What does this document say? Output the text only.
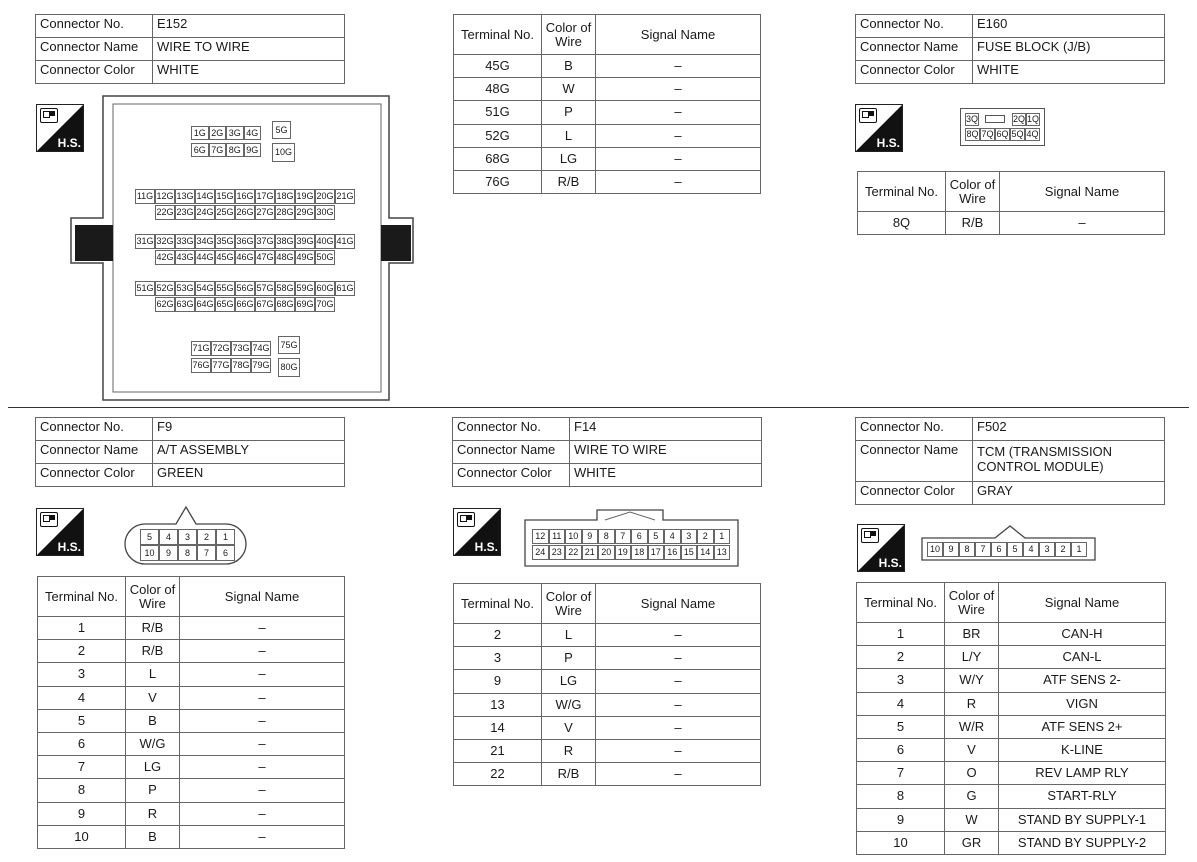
Connector No.	E152
Connector Name	WIRE TO WIRE
Connector Color	WHITE
H.S.
1G 2G 3G 4G
6G 7G 8G 9G
5G
10G
11G 12G 13G 14G 15G 16G 17G 18G 19G 20G 21G
22G 23G 24G 25G 26G 27G 28G 29G 30G
31G 32G 33G 34G 35G 36G 37G 38G 39G 40G 41G
42G 43G 44G 45G 46G 47G 48G 49G 50G
51G 52G 53G 54G 55G 56G 57G 58G 59G 60G 61G
62G 63G 64G 65G 66G 67G 68G 69G 70G
71G 72G 73G 74G
76G 77G 78G 79G
75G
80G
Terminal No.	Color of Wire	Signal Name
45G	B	–
48G	W	–
51G	P	–
52G	L	–
68G	LG	–
76G	R/B	–
Connector No.	E160
Connector Name	FUSE BLOCK (J/B)
Connector Color	WHITE
H.S.
3Q	2Q 1Q
8Q 7Q 6Q 5Q 4Q
Terminal No.	Color of Wire	Signal Name
8Q	R/B	–
Connector No.	F9
Connector Name	A/T ASSEMBLY
Connector Color	GREEN
H.S.
5	4	3	2	1
10	9	8	7	6
Terminal No.	Color of Wire	Signal Name
1	R/B	–
2	R/B	–
3	L	–
4	V	–
5	B	–
6	W/G	–
7	LG	–
8	P	–
9	R	–
10	B	–
Connector No.	F14
Connector Name	WIRE TO WIRE
Connector Color	WHITE
H.S.
12 11 10 9	8	7	6	5	4	3	2	1
24 23 22 21 20 19 18 17 16 15 14 13
Terminal No.	Color of Wire	Signal Name
2	L	–
3	P	–
9	LG	–
13	W/G	–
14	V	–
21	R	–
22	R/B	–
Connector No.	F502
Connector Name	TCM (TRANSMISSION CONTROL MODULE)
Connector Color	GRAY
H.S.
10 9	8	7	6	5	4	3	2	1
Terminal No.	Color of Wire	Signal Name
1	BR	CAN-H
2	L/Y	CAN-L
3	W/Y	ATF SENS 2-
4	R	VIGN
5	W/R	ATF SENS 2+
6	V	K-LINE
7	O	REV LAMP RLY
8	G	START-RLY
9	W	STAND BY SUPPLY-1
10	GR	STAND BY SUPPLY-2
